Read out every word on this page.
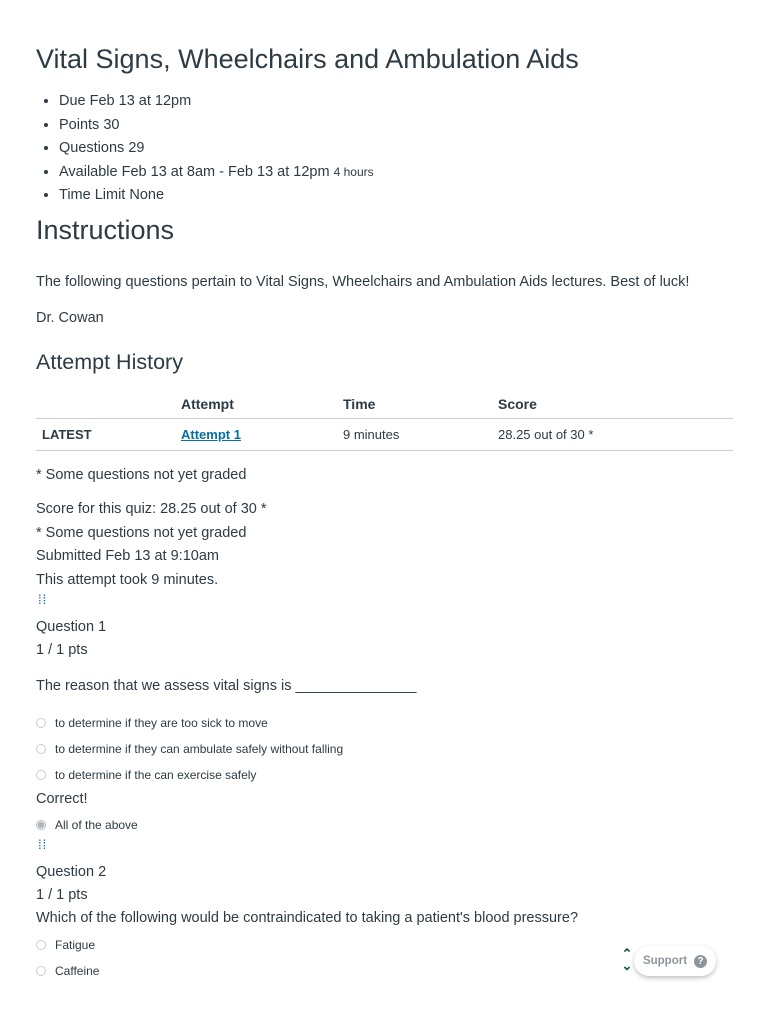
Vital Signs, Wheelchairs and Ambulation Aids
• Due Feb 13 at 12pm
• Points 30
• Questions 29
• Available Feb 13 at 8am - Feb 13 at 12pm 4 hours
• Time Limit None
Instructions

The following questions pertain to Vital Signs, Wheelchairs and Ambulation Aids lectures. Best of luck!

Dr. Cowan

Attempt History
	Attempt	Time	Score
LATEST	Attempt 1	9 minutes	28.25 out of 30 *

* Some questions not yet graded

Score for this quiz: 28.25 out of 30 *

* Some questions not yet graded

Submitted Feb 13 at 9:10am

This attempt took 9 minutes.

⁞⁞

Question 1

1 / 1 pts

The reason that we assess vital signs is _______________

to determine if they are too sick to move
to determine if they can ambulate safely without falling
to determine if the can exercise safely

Correct!

All of the above
⁞⁞

Question 2

1 / 1 pts

Which of the following would be contraindicated to taking a patient's blood pressure?

Fatigue
Caffeine
⌃
⌄ Support	?
